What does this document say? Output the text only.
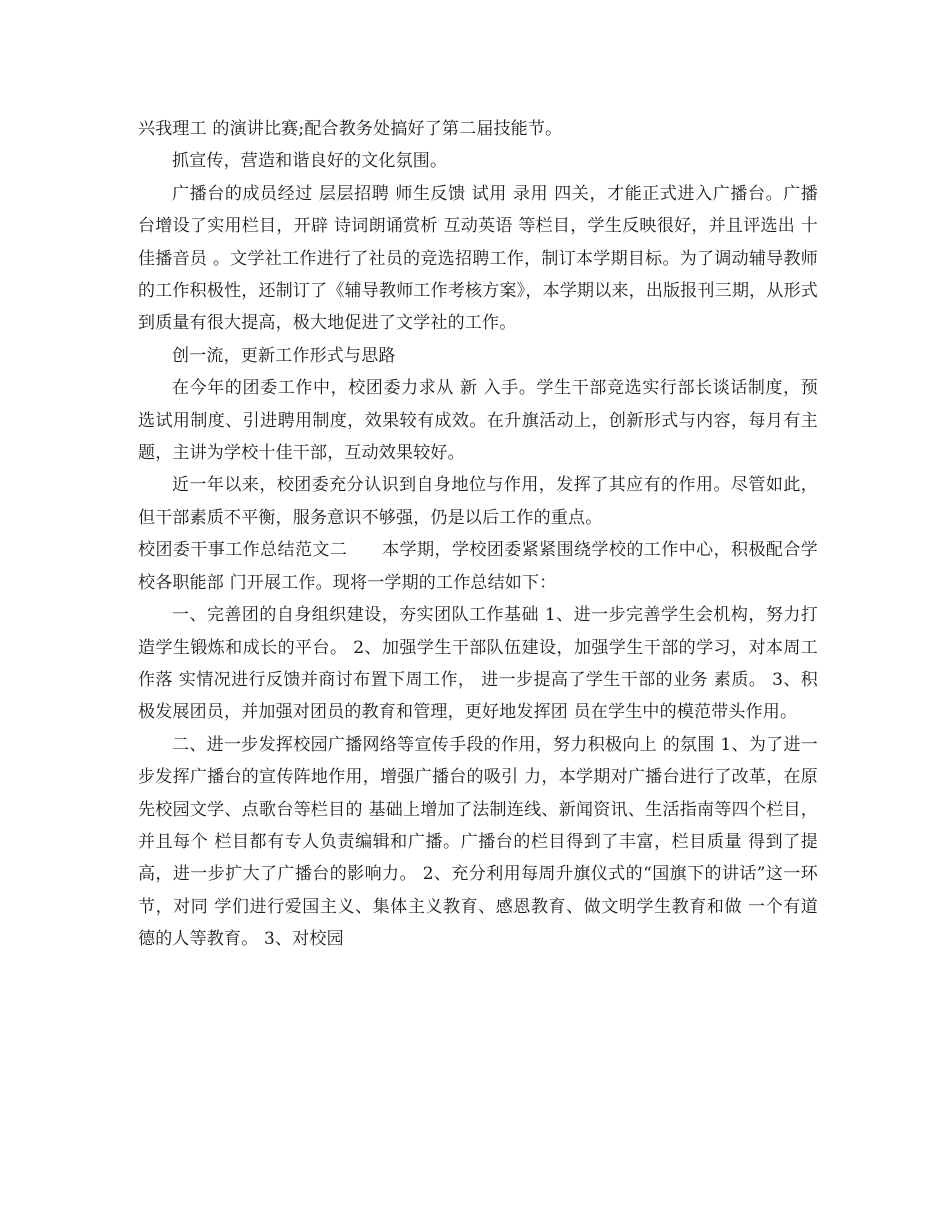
兴我理工 的演讲比赛;配合教务处搞好了第二届技能节。

抓宣传，营造和谐良好的文化氛围。

广播台的成员经过 层层招聘 师生反馈 试用 录用 四关，才能正式进入广播台。广播台增设了实用栏目，开辟 诗词朗诵赏析 互动英语 等栏目，学生反映很好，并且评选出 十佳播音员 。文学社工作进行了社员的竞选招聘工作，制订本学期目标。为了调动辅导教师的工作积极性，还制订了《辅导教师工作考核方案》，本学期以来，出版报刊三期，从形式到质量有很大提高，极大地促进了文学社的工作。

创一流，更新工作形式与思路

在今年的团委工作中，校团委力求从 新 入手。学生干部竞选实行部长谈话制度，预选试用制度、引进聘用制度，效果较有成效。在升旗活动上，创新形式与内容，每月有主题，主讲为学校十佳干部，互动效果较好。

近一年以来，校团委充分认识到自身地位与作用，发挥了其应有的作用。尽管如此，但干部素质不平衡，服务意识不够强，仍是以后工作的重点。

校团委干事工作总结范文二　　本学期，学校团委紧紧围绕学校的工作中心，积极配合学校各职能部 门开展工作。现将一学期的工作总结如下：

一、完善团的自身组织建设，夯实团队工作基础 1、进一步完善学生会机构，努力打造学生锻炼和成长的平台。 2、加强学生干部队伍建设，加强学生干部的学习，对本周工作落 实情况进行反馈并商讨布置下周工作， 进一步提高了学生干部的业务 素质。 3、积极发展团员，并加强对团员的教育和管理，更好地发挥团 员在学生中的模范带头作用。

二、进一步发挥校园广播网络等宣传手段的作用，努力积极向上 的氛围 1、为了进一步发挥广播台的宣传阵地作用，增强广播台的吸引 力，本学期对广播台进行了改革，在原先校园文学、点歌台等栏目的 基础上增加了法制连线、新闻资讯、生活指南等四个栏目，并且每个 栏目都有专人负责编辑和广播。广播台的栏目得到了丰富，栏目质量 得到了提高，进一步扩大了广播台的影响力。 2、充分利用每周升旗仪式的“国旗下的讲话”这一环节，对同 学们进行爱国主义、集体主义教育、感恩教育、做文明学生教育和做 一个有道德的人等教育。 3、对校园
